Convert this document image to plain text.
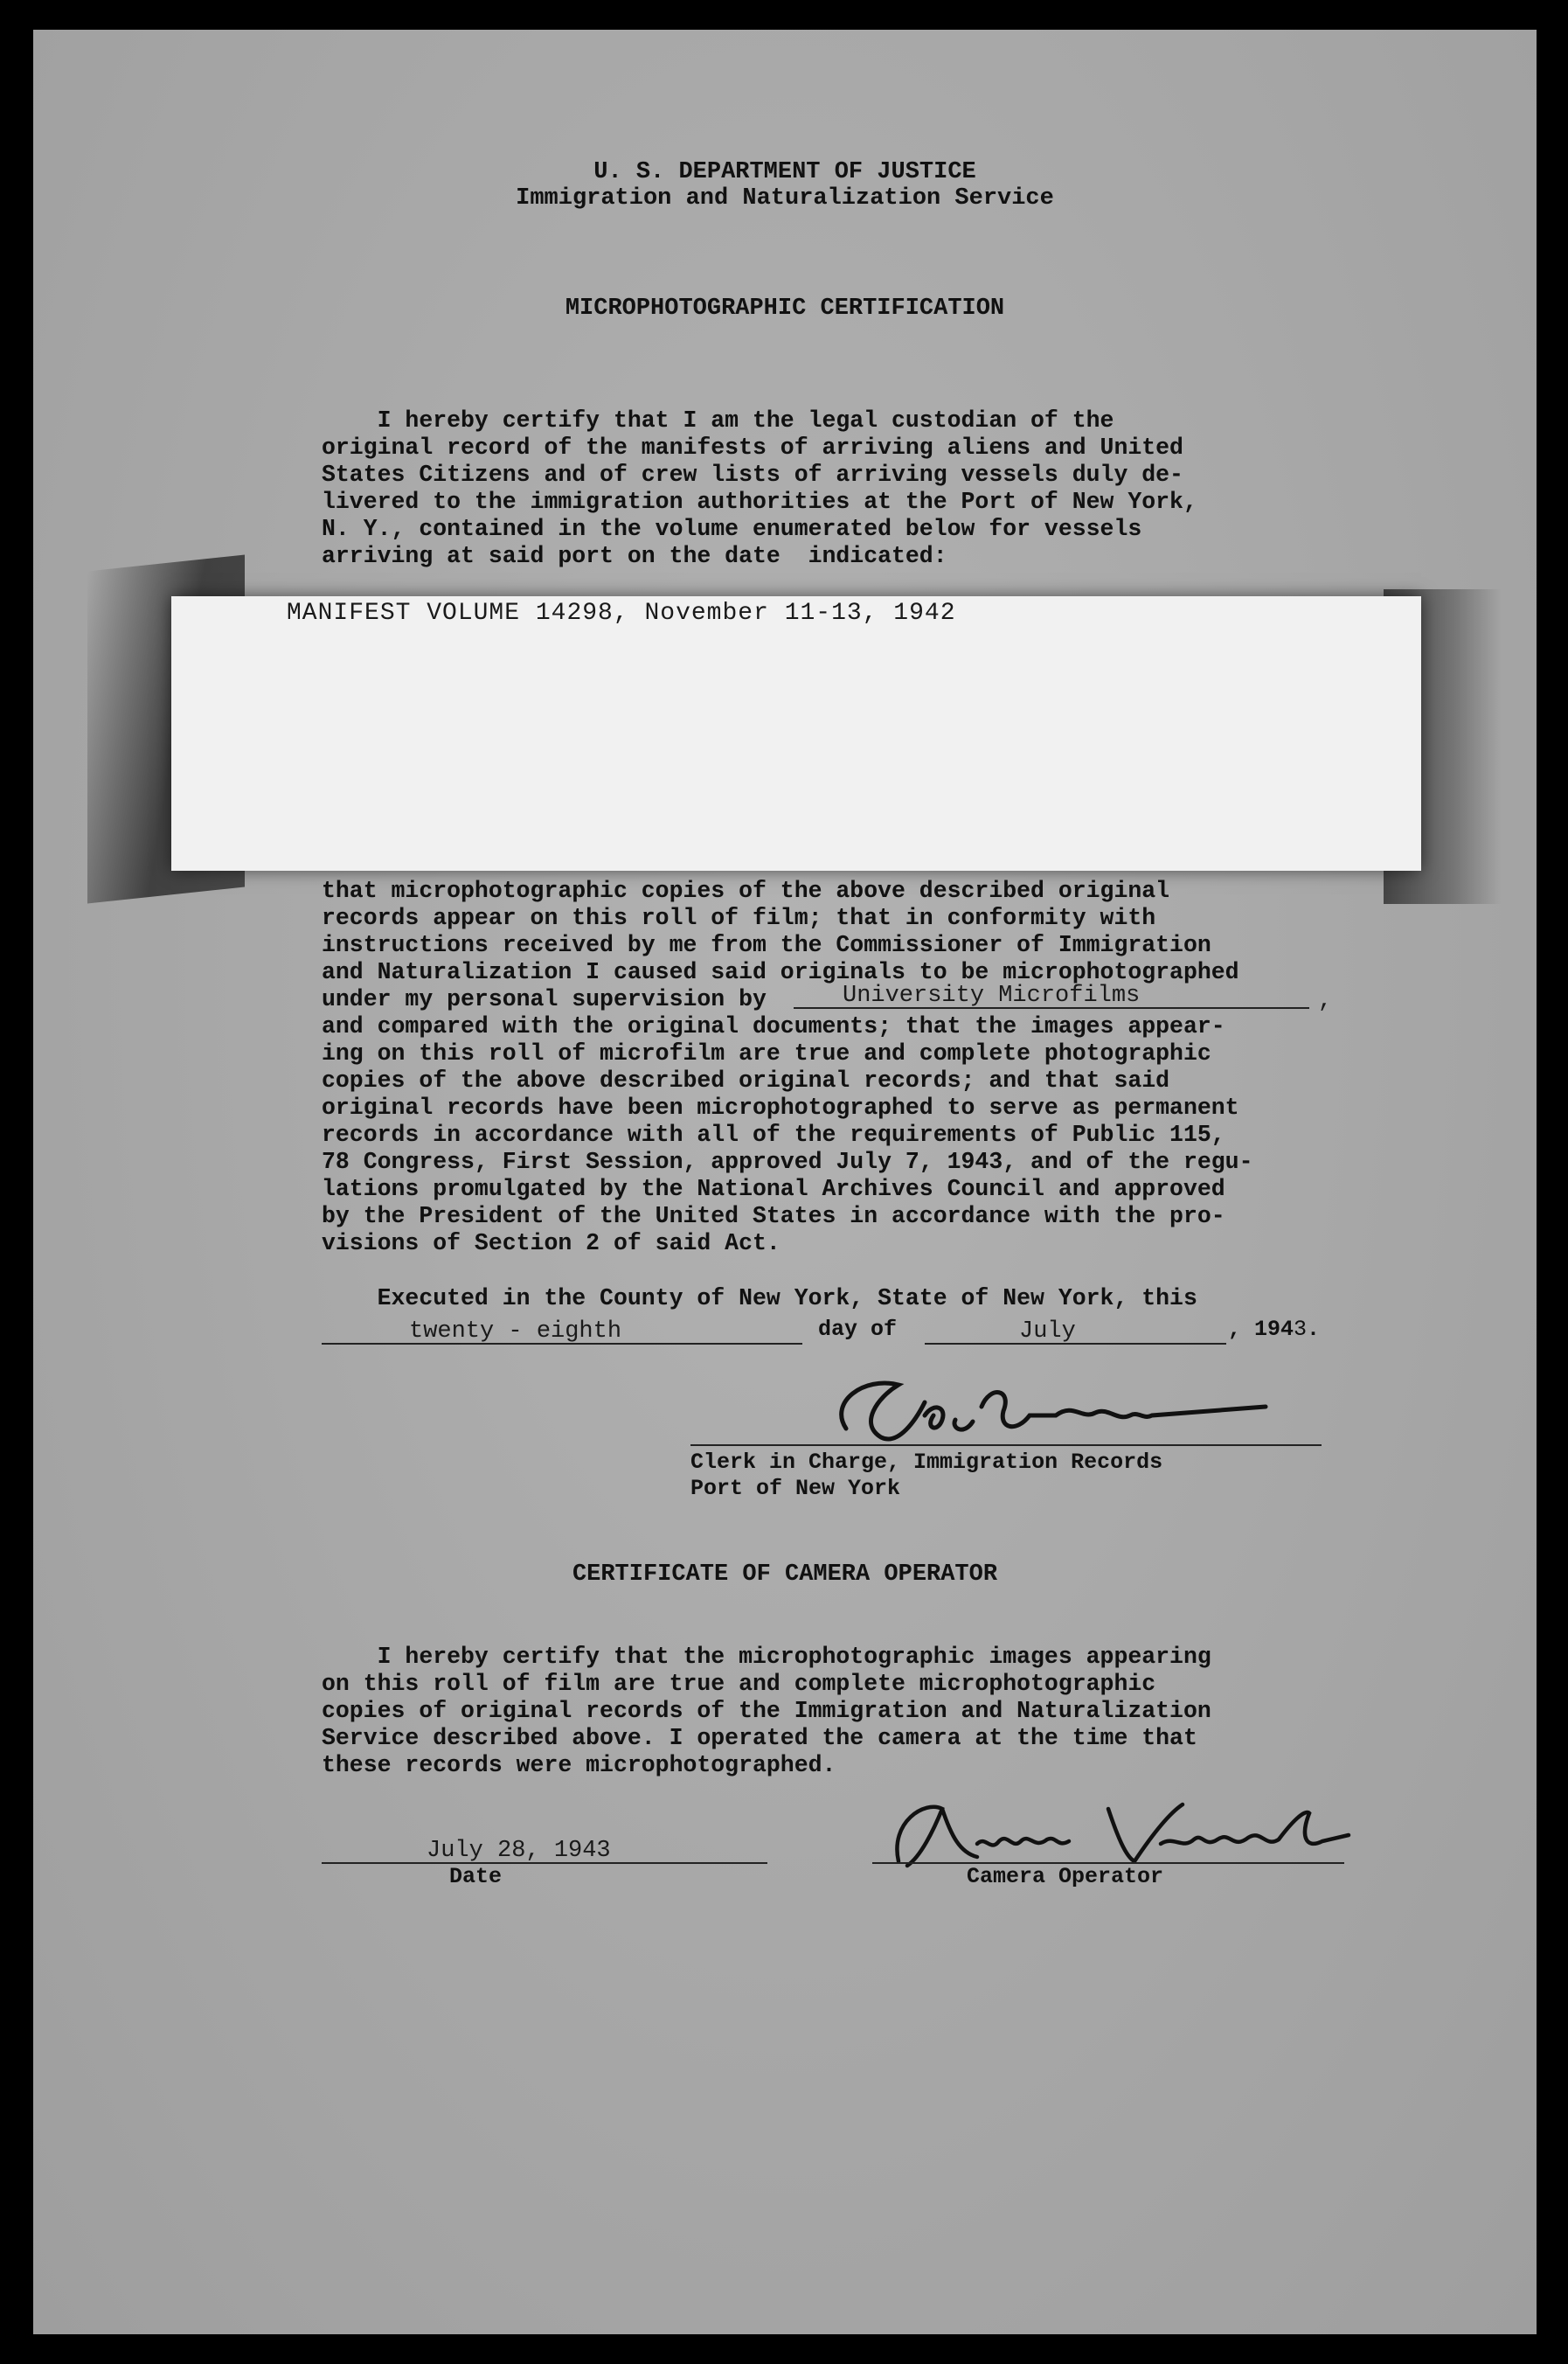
U. S. DEPARTMENT OF JUSTICE
Immigration and Naturalization Service
MICROPHOTOGRAPHIC CERTIFICATION
I hereby certify that I am the legal custodian of the
original record of the manifests of arriving aliens and United
States Citizens and of crew lists of arriving vessels duly de-
livered to the immigration authorities at the Port of New York,
N. Y., contained in the volume enumerated below for vessels
arriving at said port on the date  indicated:
MANIFEST VOLUME 14298, November 11-13, 1942
that microphotographic copies of the above described original
records appear on this roll of film; that in conformity with
instructions received by me from the Commissioner of Immigration
and Naturalization I caused said originals to be microphotographed
under my personal supervision by
and compared with the original documents; that the images appear-
ing on this roll of microfilm are true and complete photographic
copies of the above described original records; and that said
original records have been microphotographed to serve as permanent
records in accordance with all of the requirements of Public 115,
78 Congress, First Session, approved July 7, 1943, and of the regu-
lations promulgated by the National Archives Council and approved
by the President of the United States in accordance with the pro-
visions of Section 2 of said Act.
University Microfilms	,
Executed in the County of New York, State of New York, this
twenty - eighth	day of	July	, 1943.
Clerk in Charge, Immigration Records
Port of New York
CERTIFICATE OF CAMERA OPERATOR
I hereby certify that the microphotographic images appearing
on this roll of film are true and complete microphotographic
copies of original records of the Immigration and Naturalization
Service described above. I operated the camera at the time that
these records were microphotographed.
July 28, 1943
Date	Camera Operator
